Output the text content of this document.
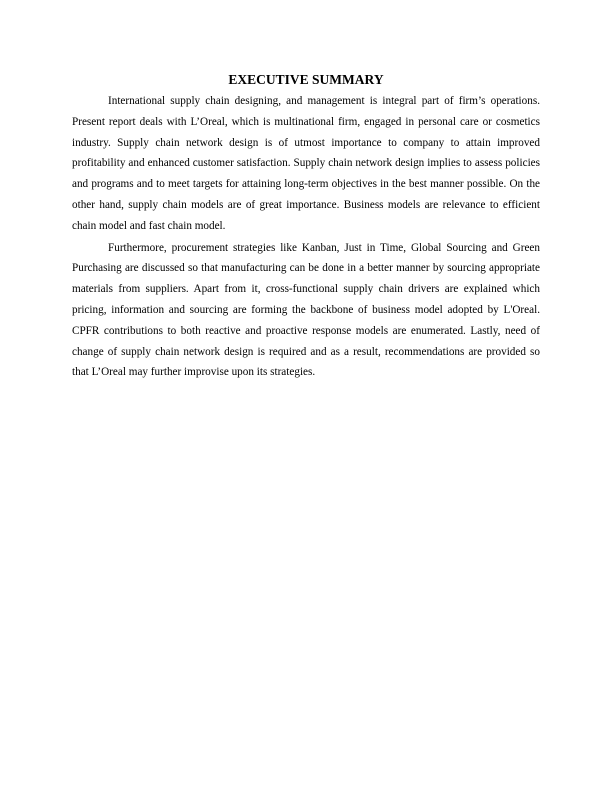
EXECUTIVE SUMMARY

International supply chain designing, and management is integral part of firm’s operations. Present report deals with L’Oreal, which is multinational firm, engaged in personal care or cosmetics industry. Supply chain network design is of utmost importance to company to attain improved profitability and enhanced customer satisfaction. Supply chain network design implies to assess policies and programs and to meet targets for attaining long-term objectives in the best manner possible. On the other hand, supply chain models are of great importance. Business models are relevance to efficient chain model and fast chain model.

Furthermore, procurement strategies like Kanban, Just in Time, Global Sourcing and Green Purchasing are discussed so that manufacturing can be done in a better manner by sourcing appropriate materials from suppliers. Apart from it, cross-functional supply chain drivers are explained which pricing, information and sourcing are forming the backbone of business model adopted by L'Oreal. CPFR contributions to both reactive and proactive response models are enumerated. Lastly, need of change of supply chain network design is required and as a result, recommendations are provided so that L’Oreal may further improvise upon its strategies.
